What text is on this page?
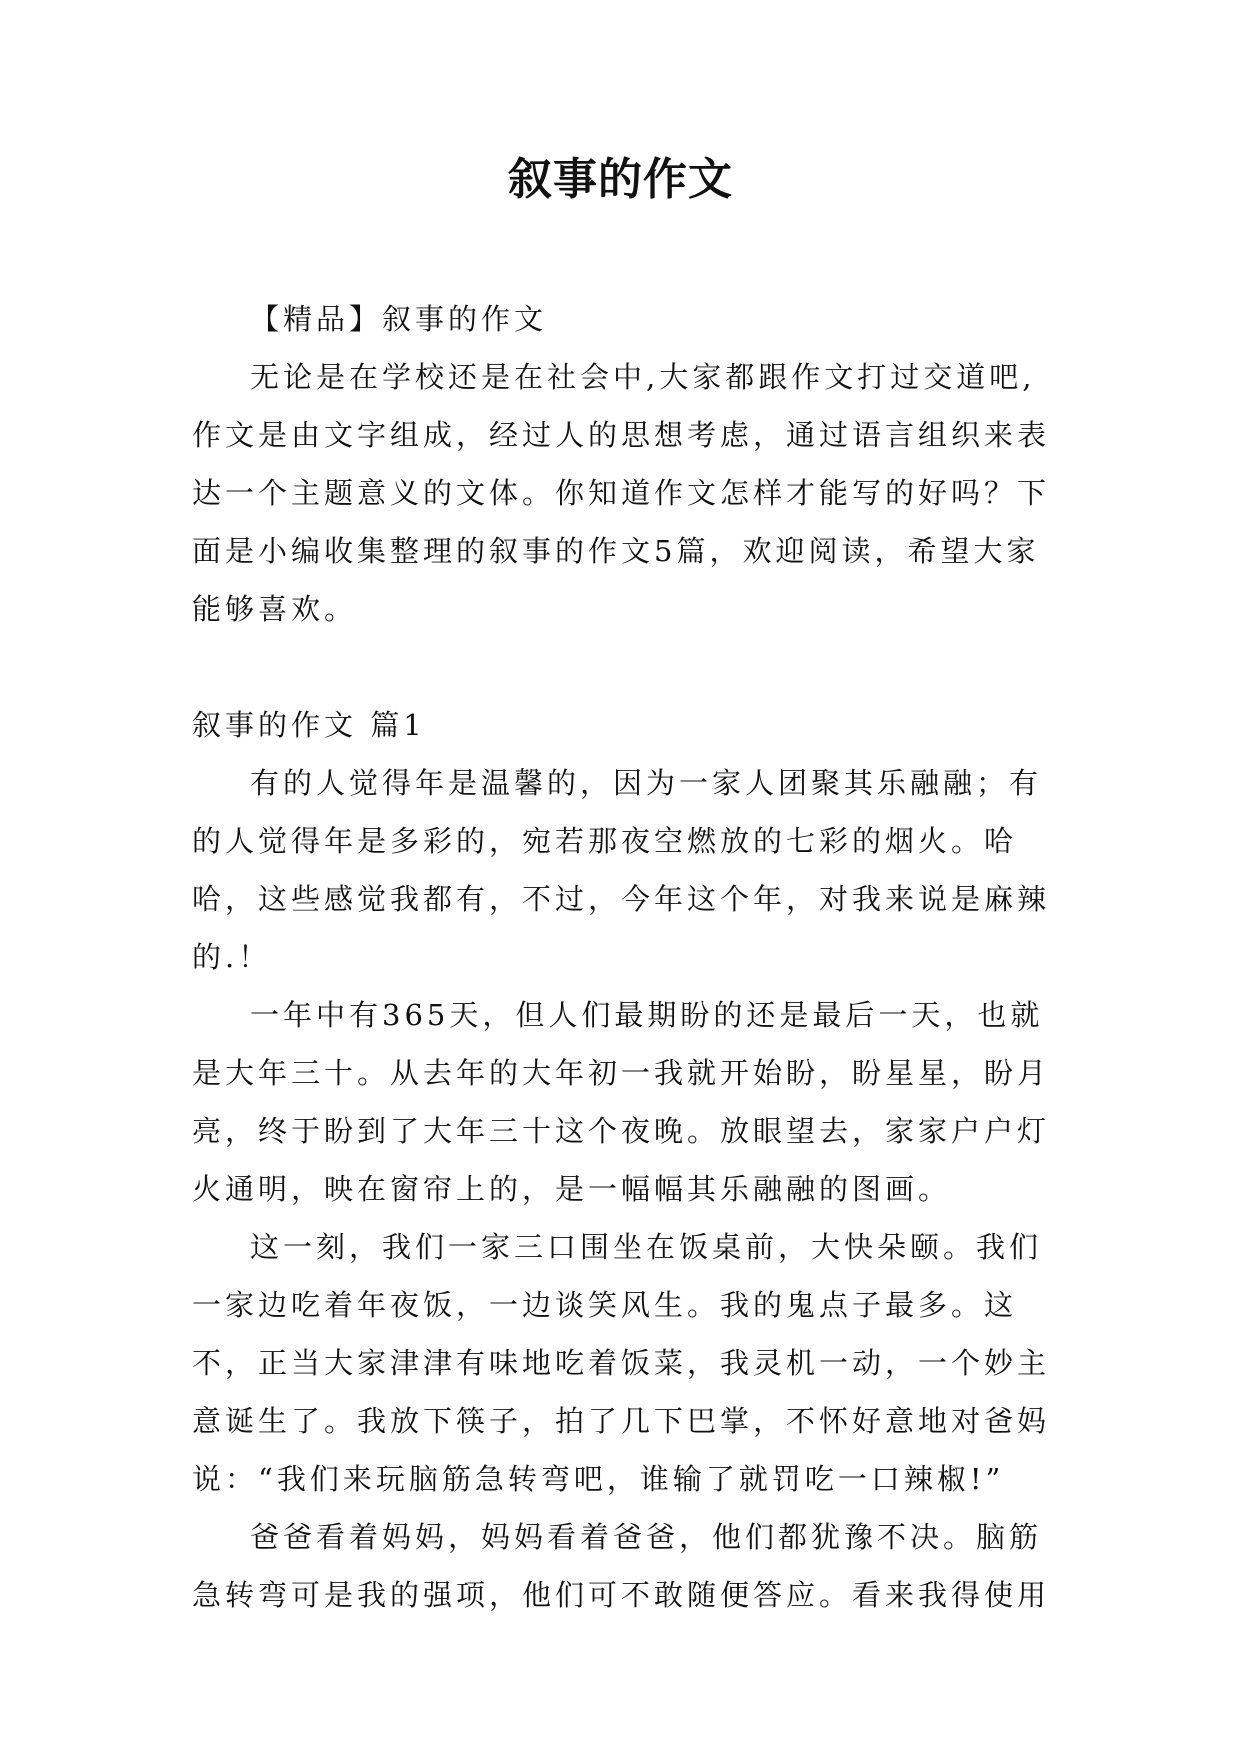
叙事的作文

【精品】叙事的作文

无论是在学校还是在社会中,大家都跟作文打过交道吧,作文是由文字组成，经过人的思想考虑，通过语言组织来表达一个主题意义的文体。你知道作文怎样才能写的好吗？下面是小编收集整理的叙事的作文5篇，欢迎阅读，希望大家能够喜欢。

叙事的作文 篇1

有的人觉得年是温馨的，因为一家人团聚其乐融融；有的人觉得年是多彩的，宛若那夜空燃放的七彩的烟火。哈哈，这些感觉我都有，不过，今年这个年，对我来说是麻辣的.！

一年中有365天，但人们最期盼的还是最后一天，也就是大年三十。从去年的大年初一我就开始盼，盼星星，盼月亮，终于盼到了大年三十这个夜晚。放眼望去，家家户户灯火通明，映在窗帘上的，是一幅幅其乐融融的图画。

这一刻，我们一家三口围坐在饭桌前，大快朵颐。我们一家边吃着年夜饭，一边谈笑风生。我的鬼点子最多。这不，正当大家津津有味地吃着饭菜，我灵机一动，一个妙主意诞生了。我放下筷子，拍了几下巴掌，不怀好意地对爸妈说：“我们来玩脑筋急转弯吧，谁输了就罚吃一口辣椒!”

爸爸看着妈妈，妈妈看着爸爸，他们都犹豫不决。脑筋急转弯可是我的强项，他们可不敢随便答应。看来我得使用
